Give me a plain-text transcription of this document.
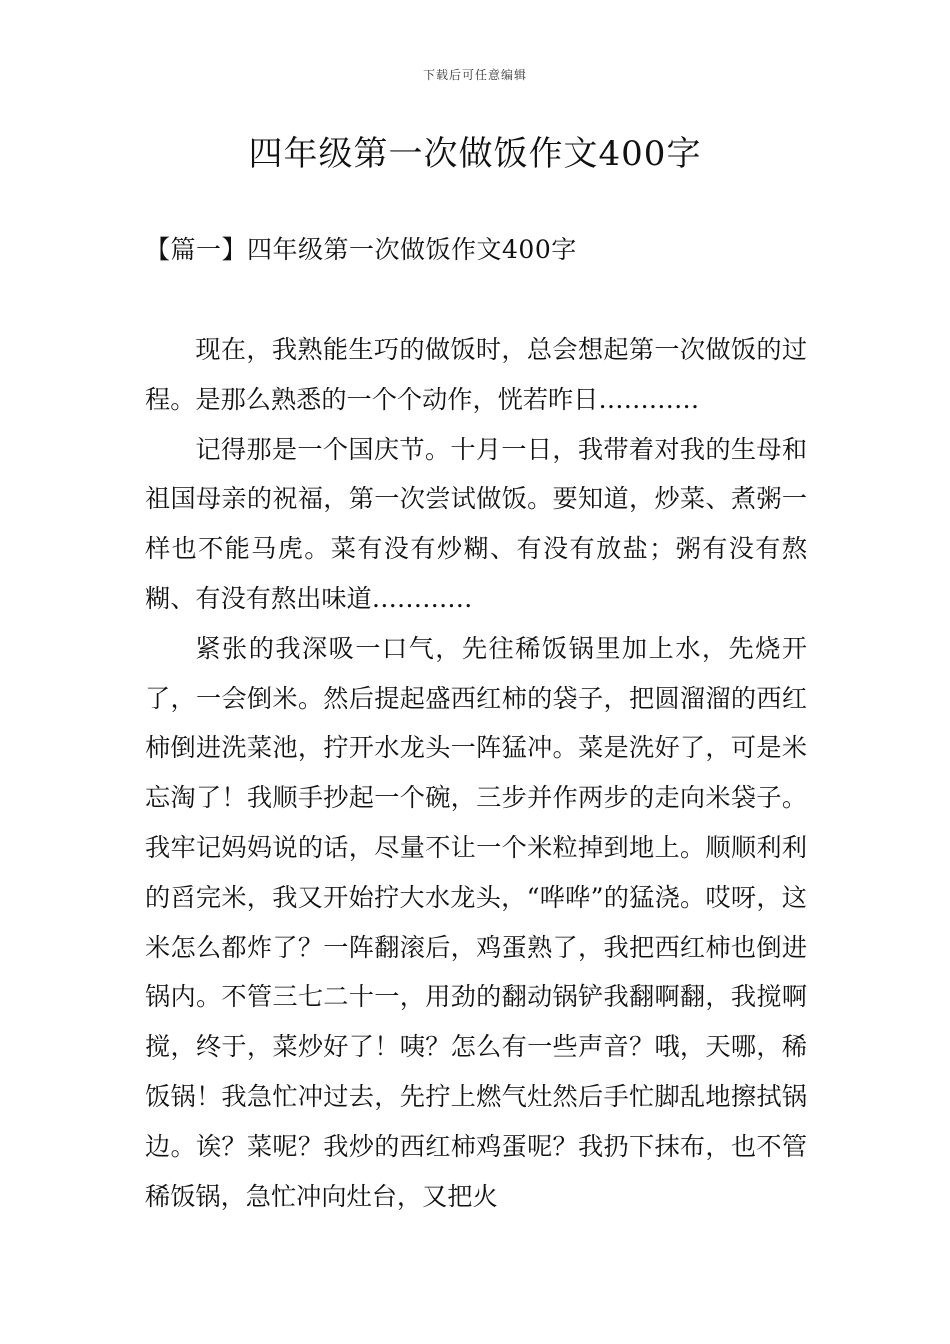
下载后可任意编辑
四年级第一次做饭作文400字
【篇一】四年级第一次做饭作文400字

现在，我熟能生巧的做饭时，总会想起第一次做饭的过程。是那么熟悉的一个个动作，恍若昨日…………

记得那是一个国庆节。十月一日，我带着对我的生母和祖国母亲的祝福，第一次尝试做饭。要知道，炒菜、煮粥一样也不能马虎。菜有没有炒糊、有没有放盐；粥有没有熬糊、有没有熬出味道…………

紧张的我深吸一口气，先往稀饭锅里加上水，先烧开了，一会倒米。然后提起盛西红柿的袋子，把圆溜溜的西红柿倒进洗菜池，拧开水龙头一阵猛冲。菜是洗好了，可是米忘淘了！我顺手抄起一个碗，三步并作两步的走向米袋子。我牢记妈妈说的话，尽量不让一个米粒掉到地上。顺顺利利的舀完米，我又开始拧大水龙头，“哗哗”的猛浇。哎呀，这米怎么都炸了？一阵翻滚后，鸡蛋熟了，我把西红柿也倒进锅内。不管三七二十一，用劲的翻动锅铲我翻啊翻，我搅啊搅，终于，菜炒好了！咦？怎么有一些声音？哦，天哪，稀饭锅！我急忙冲过去，先拧上燃气灶然后手忙脚乱地擦拭锅边。诶？菜呢？我炒的西红柿鸡蛋呢？我扔下抹布，也不管稀饭锅，急忙冲向灶台，又把火
